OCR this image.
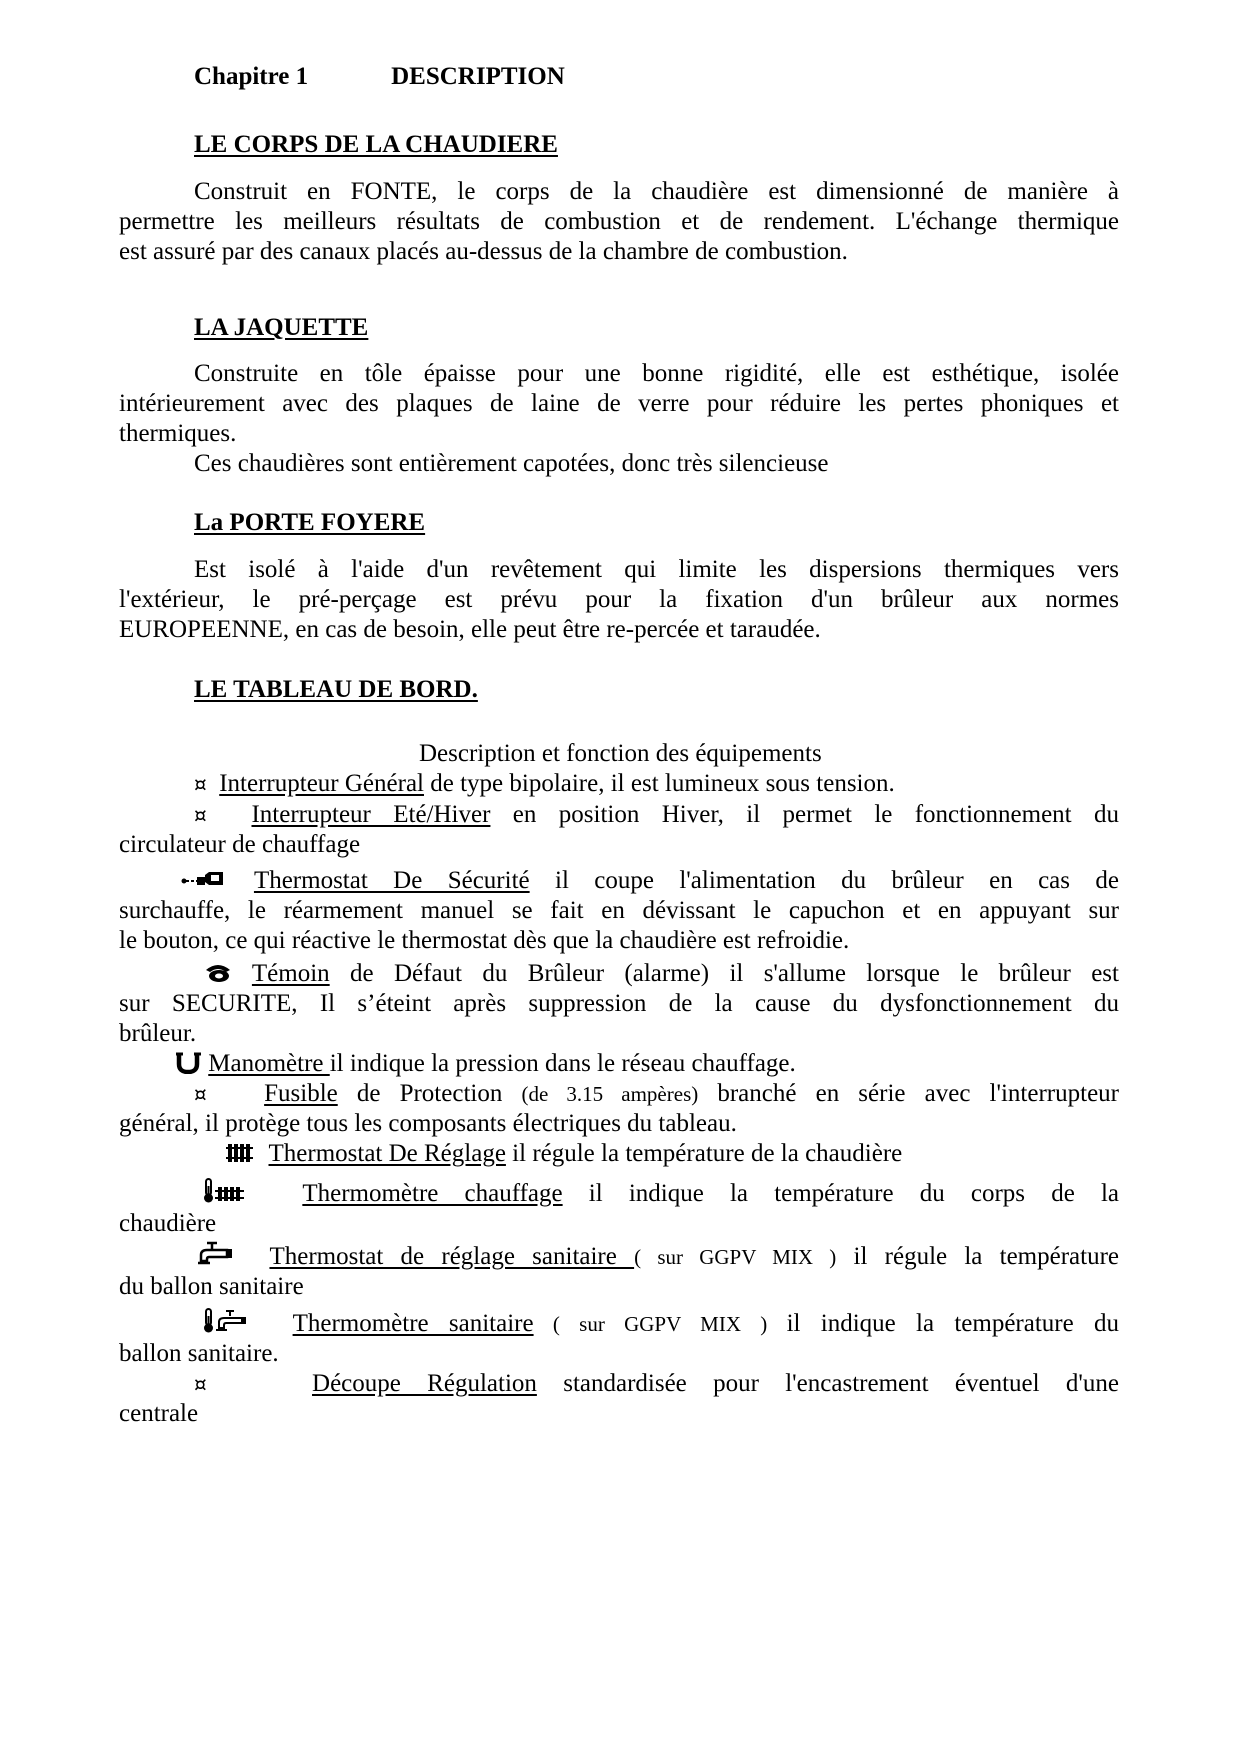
Chapitre 1	DESCRIPTION
LE CORPS DE LA CHAUDIERE
Construit en FONTE, le corps de la chaudière est dimensionné de manière à
permettre les meilleurs résultats de combustion et de rendement. L'échange thermique
est assuré par des canaux placés au-dessus de la chambre de combustion.
LA JAQUETTE
Construite en tôle épaisse pour une bonne rigidité, elle est esthétique, isolée
intérieurement avec des plaques de laine de verre pour réduire les pertes phoniques et
thermiques.
Ces chaudières sont entièrement capotées, donc très silencieuse
La PORTE FOYERE
Est isolé à l'aide d'un revêtement qui limite les dispersions thermiques vers
l'extérieur, le pré-perçage est prévu pour la fixation d'un brûleur aux normes
EUROPEENNE, en cas de besoin, elle peut être re-percée et taraudée.
LE TABLEAU DE BORD.
Description et fonction des équipements
¤ Interrupteur Général de type bipolaire, il est lumineux sous tension.
¤ Interrupteur Eté/Hiver en position Hiver, il permet le fonctionnement du
circulateur de chauffage
Thermostat De Sécurité il coupe l'alimentation du brûleur en cas de
surchauffe, le réarmement manuel se fait en dévissant le capuchon et en appuyant sur
le bouton, ce qui réactive le thermostat dès que la chaudière est refroidie.
Témoin de Défaut du Brûleur (alarme) il s'allume lorsque le brûleur est
sur SECURITE, Il s’éteint après suppression de la cause du dysfonctionnement du
brûleur.
Manomètre il indique la pression dans le réseau chauffage.
¤ Fusible de Protection (de 3.15 ampères) branché en série avec l'interrupteur
général, il protège tous les composants électriques du tableau.
Thermostat De Réglage il régule la température de la chaudière
Thermomètre chauffage il indique la température du corps de la
chaudière
Thermostat de réglage sanitaire ( sur GGPV MIX ) il régule la température
du ballon sanitaire
Thermomètre sanitaire ( sur GGPV MIX ) il indique la température du
ballon sanitaire.
¤	Découpe Régulation standardisée pour l'encastrement éventuel d'une
centrale
